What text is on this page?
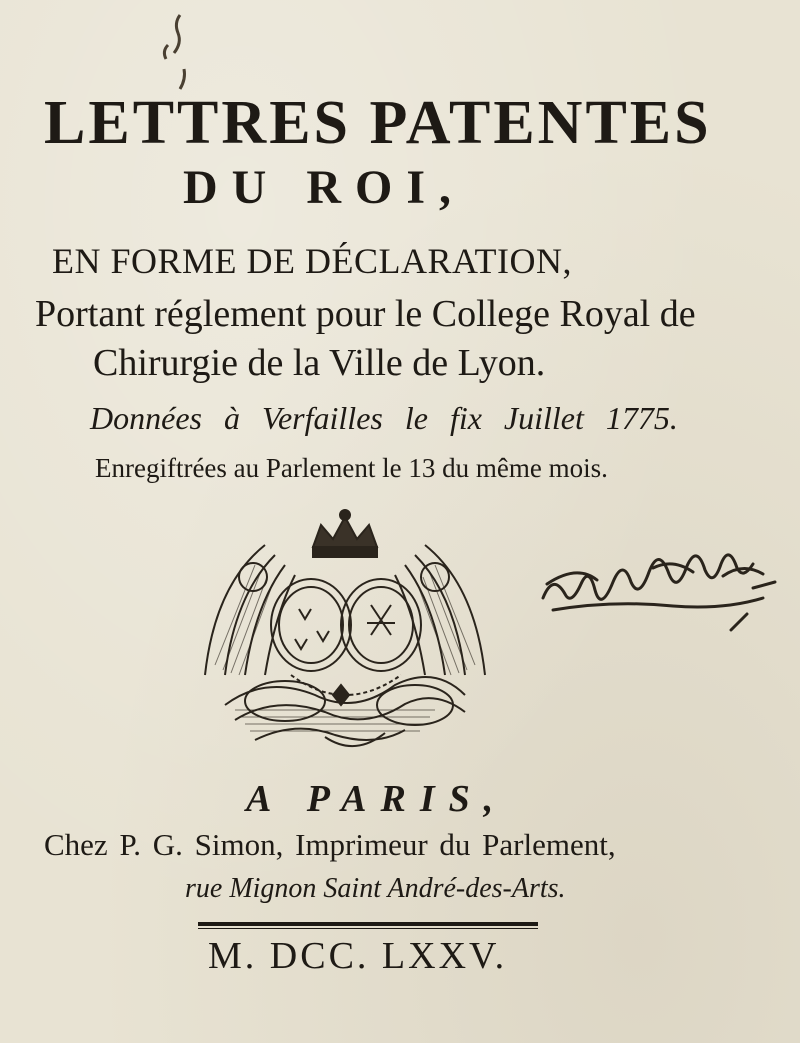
LETTRES PATENTES
DU ROI,
EN FORME DE DÉCLARATION,
Portant réglement pour le College Royal de
Chirurgie de la Ville de Lyon.
Données à Verfailles le fix Juillet 1775.
Enregiftrées au Parlement le 13 du même mois.
A PARIS,
Chez P. G. Simon, Imprimeur du Parlement,
rue Mignon Saint André-des-Arts.
M. DCC. LXXV.
